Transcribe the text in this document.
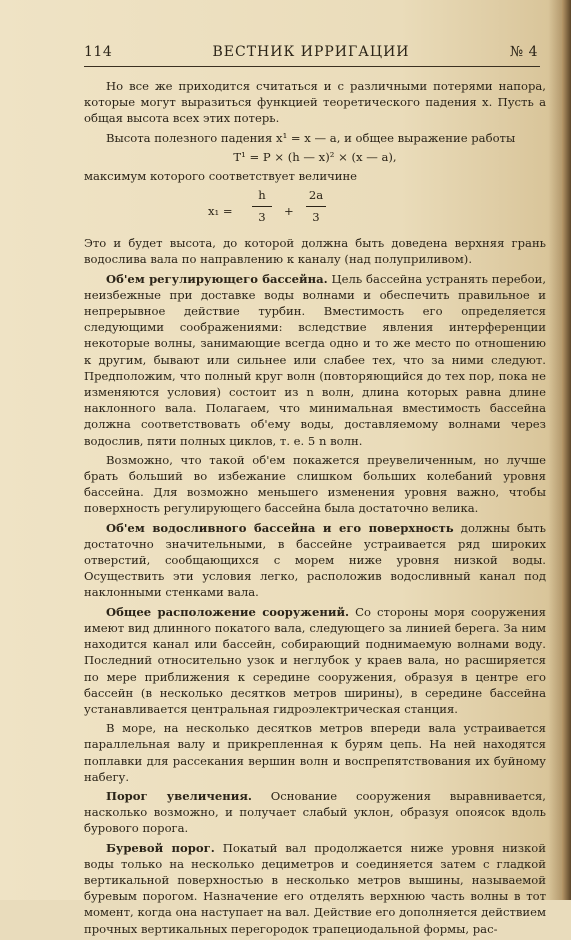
114	ВЕСТНИК ИРРИГАЦИИ	№ 4

Но все же приходится считаться и с различными потерями напора, которые могут выразиться функцией теоретического падения x. Пусть a общая высота всех этих потерь.

Высота полезного падения x¹ = x — a, и общее выражение работы

T¹ = P × (h — x)² × (x — a),

максимум которого соответствует величине

x₁ =
h
3	+
2a
3

Это и будет высота, до которой должна быть доведена верхняя грань водослива вала по направлению к каналу (над полуприливом).

Об'ем регулирующего бассейна. Цель бассейна устранять перебои, неизбежные при доставке воды волнами и обеспечить правильное и непрерывное действие турбин. Вместимость его определяется следующими соображениями: вследствие явления интерференции некоторые волны, занимающие всегда одно и то же место по отношению к другим, бывают или сильнее или слабее тех, что за ними следуют. Предположим, что полный круг волн (повторяющийся до тех пор, пока не изменяются условия) состоит из n волн, длина которых равна длине наклонного вала. Полагаем, что минимальная вместимость бассейна должна соответствовать об'ему воды, доставляемому волнами через водослив, пяти полных циклов, т. е. 5 n волн.

Возможно, что такой об'ем покажется преувеличенным, но лучше брать больший во избежание слишком больших колебаний уровня бассейна. Для возможно меньшего изменения уровня важно, чтобы поверхность регулирующего бассейна была достаточно велика.

Об'ем водосливного бассейна и его поверхность должны быть достаточно значительными, в бассейне устраивается ряд широких отверстий, сообщающихся с морем ниже уровня низкой воды. Осуществить эти условия легко, расположив водосливный канал под наклонными стенками вала.

Общее расположение сооружений. Со стороны моря сооружения имеют вид длинного покатого вала, следующего за линией берега. За ним находится канал или бассейн, собирающий поднимаемую волнами воду. Последний относительно узок и неглубок у краев вала, но расширяется по мере приближения к середине сооружения, образуя в центре его бассейн (в несколько десятков метров ширины), в середине бассейна устанавливается центральная гидроэлектрическая станция.

В море, на несколько десятков метров впереди вала устраивается параллельная валу и прикрепленная к бурям цепь. На ней находятся поплавки для рассекания вершин волн и воспрепятствования их буйному набегу.

Порог увеличения. Основание сооружения выравнивается, насколько возможно, и получает слабый уклон, образуя опоясок вдоль бурового порога.

Буревой порог. Покатый вал продолжается ниже уровня низкой воды только на несколько дециметров и соединяется затем с гладкой вертикальной поверхностью в несколько метров вышины, называемой буревым порогом. Назначение его отделять верхнюю часть волны в тот момент, когда она наступает на вал. Действие его дополняется действием прочных вертикальных перегородок трапециодальной формы, рас-
